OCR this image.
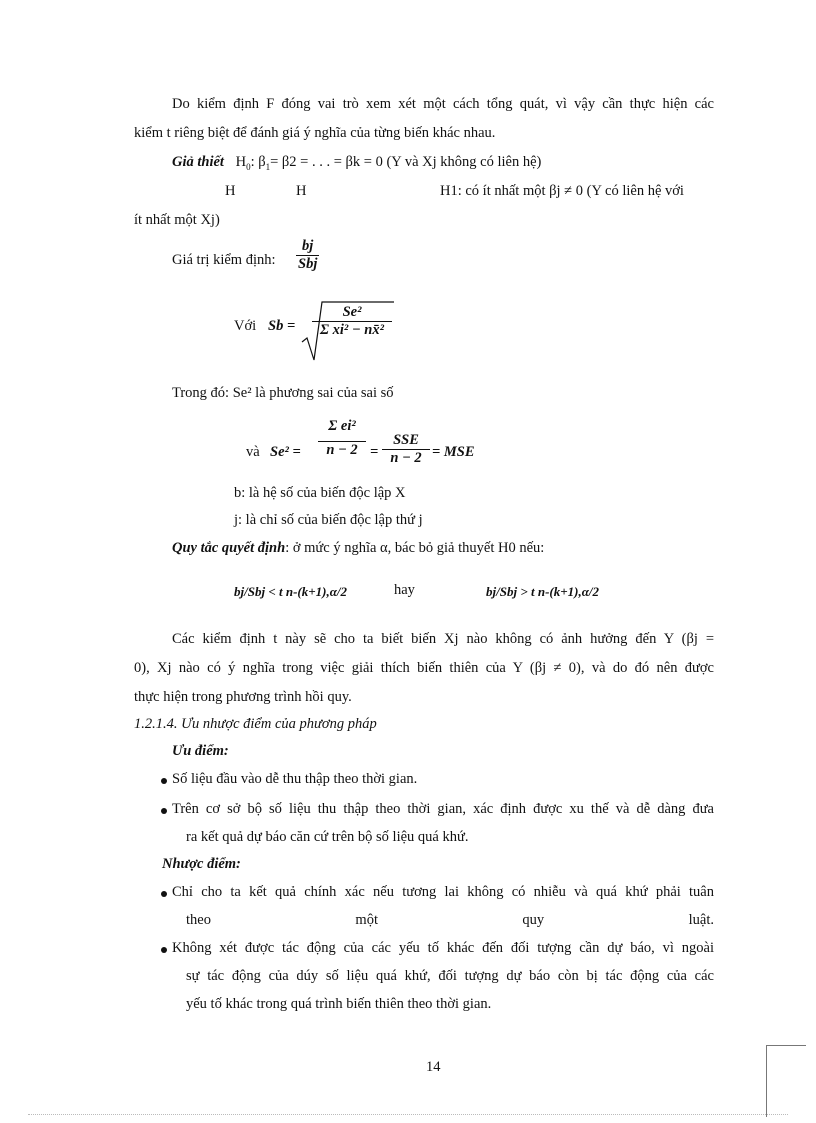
Do kiểm định F đóng vai trò xem xét một cách tổng quát, vì vậy cần thực hiện các
kiểm t riêng biệt để đánh giá ý nghĩa của từng biến khác nhau.
Giả thiết $H_0$: $\beta_1= \beta 2$ = . . . = βk = 0 (Y và Xj không có liên hệ)
H	H	H1: có ít nhất một βj ≠ 0 (Y có liên hệ với
ít nhất một Xj)
Giá trị kiểm định:
bj
Sbj
Với $Sb = \frac{\text{Se²}}{\text{Σ xi² − nx̄²}}$
Trong đó: Se² là phương sai của sai số
và $Se^2 = \frac{\text{Σ ei²}}{n - 2}$ =
SSE
n − 2 = MSE
b: là hệ số của biến độc lập X
j: là chỉ số của biến độc lập thứ j
Quy tắc quyết định: ở mức ý nghĩa α, bác bỏ giả thuyết H0 nếu:
bj/Sbj < t n-(k+1),α/2	hay	bj/Sbj > t n-(k+1),α/2
Các kiểm định t này sẽ cho ta biết biến Xj nào không có ảnh hưởng đến Y (βj =
0), Xj nào có ý nghĩa trong việc giải thích biến thiên của Y (βj ≠ 0), và do đó nên được
thực hiện trong phương trình hồi quy.
1.2.1.4. Ưu nhược điểm của phương pháp
Ưu điểm:
Số liệu đầu vào dễ thu thập theo thời gian.
Trên cơ sở bộ số liệu thu thập theo thời gian, xác định được xu thế và dễ dàng đưa
ra kết quả dự báo căn cứ trên bộ số liệu quá khứ.
Nhược điểm:
Chỉ cho ta kết quả chính xác nếu tương lai không có nhiễu và quá khứ phải tuân
theo một quy luật.
Không xét được tác động của các yếu tố khác đến đối tượng cần dự báo, vì ngoài
sự tác động của dúy số liệu quá khứ, đối tượng dự báo còn bị tác động của các
yếu tố khác trong quá trình biến thiên theo thời gian.
14
